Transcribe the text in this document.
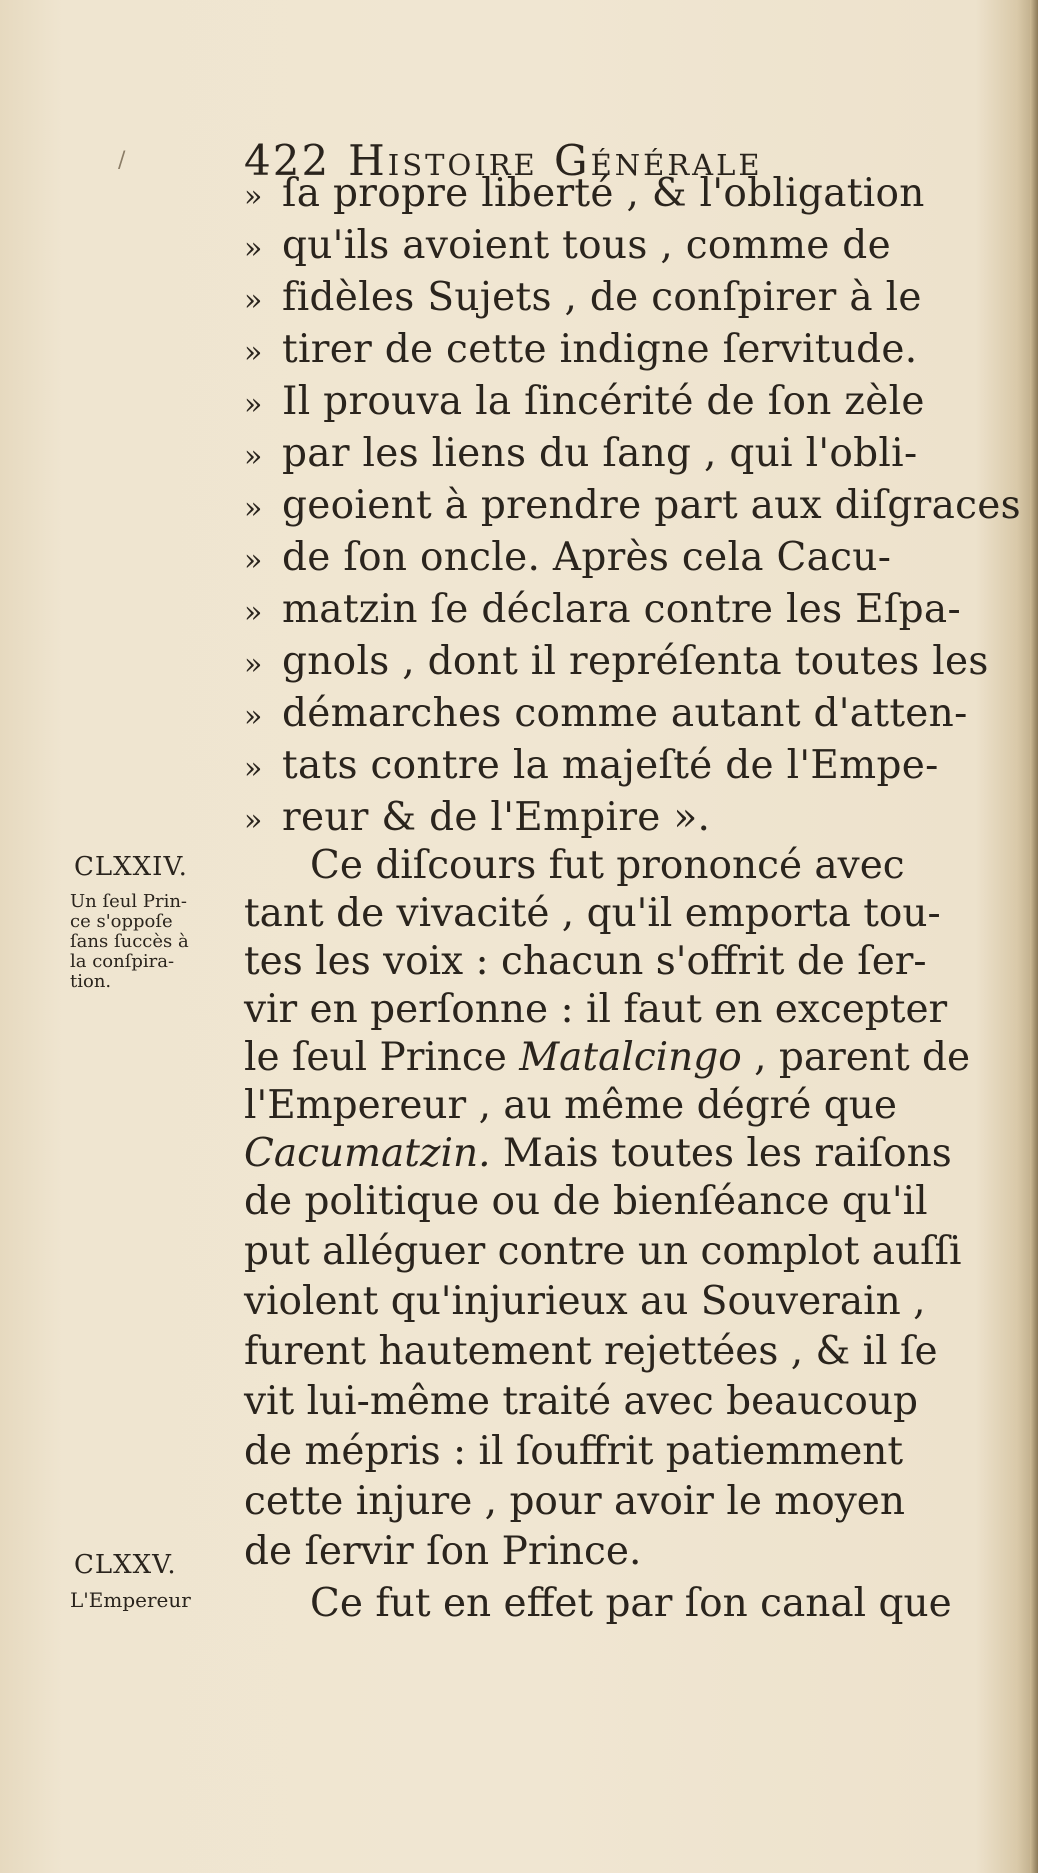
/	422 Histoire Générale
» ſa propre liberté , & l'obligation
» qu'ils avoient tous , comme de
» fidèles Sujets , de conſpirer à le
» tirer de cette indigne ſervitude.
» Il prouva la ſincérité de ſon zèle
» par les liens du ſang , qui l'obli-
» geoient à prendre part aux diſgraces
» de ſon oncle. Après cela Cacu-
» matzin ſe déclara contre les Eſpa-
» gnols , dont il repréſenta toutes les
» démarches comme autant d'atten-
» tats contre la majeſté de l'Empe-
» reur & de l'Empire ».
CLXXIV.
Un ſeul Prin-
ce s'oppoſe
ſans ſuccès à
la conſpira-
tion.
Ce diſcours fut prononcé avec
tant de vivacité , qu'il emporta tou-
tes les voix : chacun s'offrit de ſer-
vir en perſonne : il faut en excepter
le ſeul Prince Matalcingo , parent de
l'Empereur , au même dégré que
Cacumatzin. Mais toutes les raiſons
de politique ou de bienſéance qu'il
put alléguer contre un complot auſſi
violent qu'injurieux au Souverain ,
furent hautement rejettées , & il ſe
vit lui-même traité avec beaucoup
de mépris : il ſouffrit patiemment
cette injure , pour avoir le moyen
de ſervir ſon Prince.
CLXXV.
L'Empereur	Ce fut en effet par ſon canal que
